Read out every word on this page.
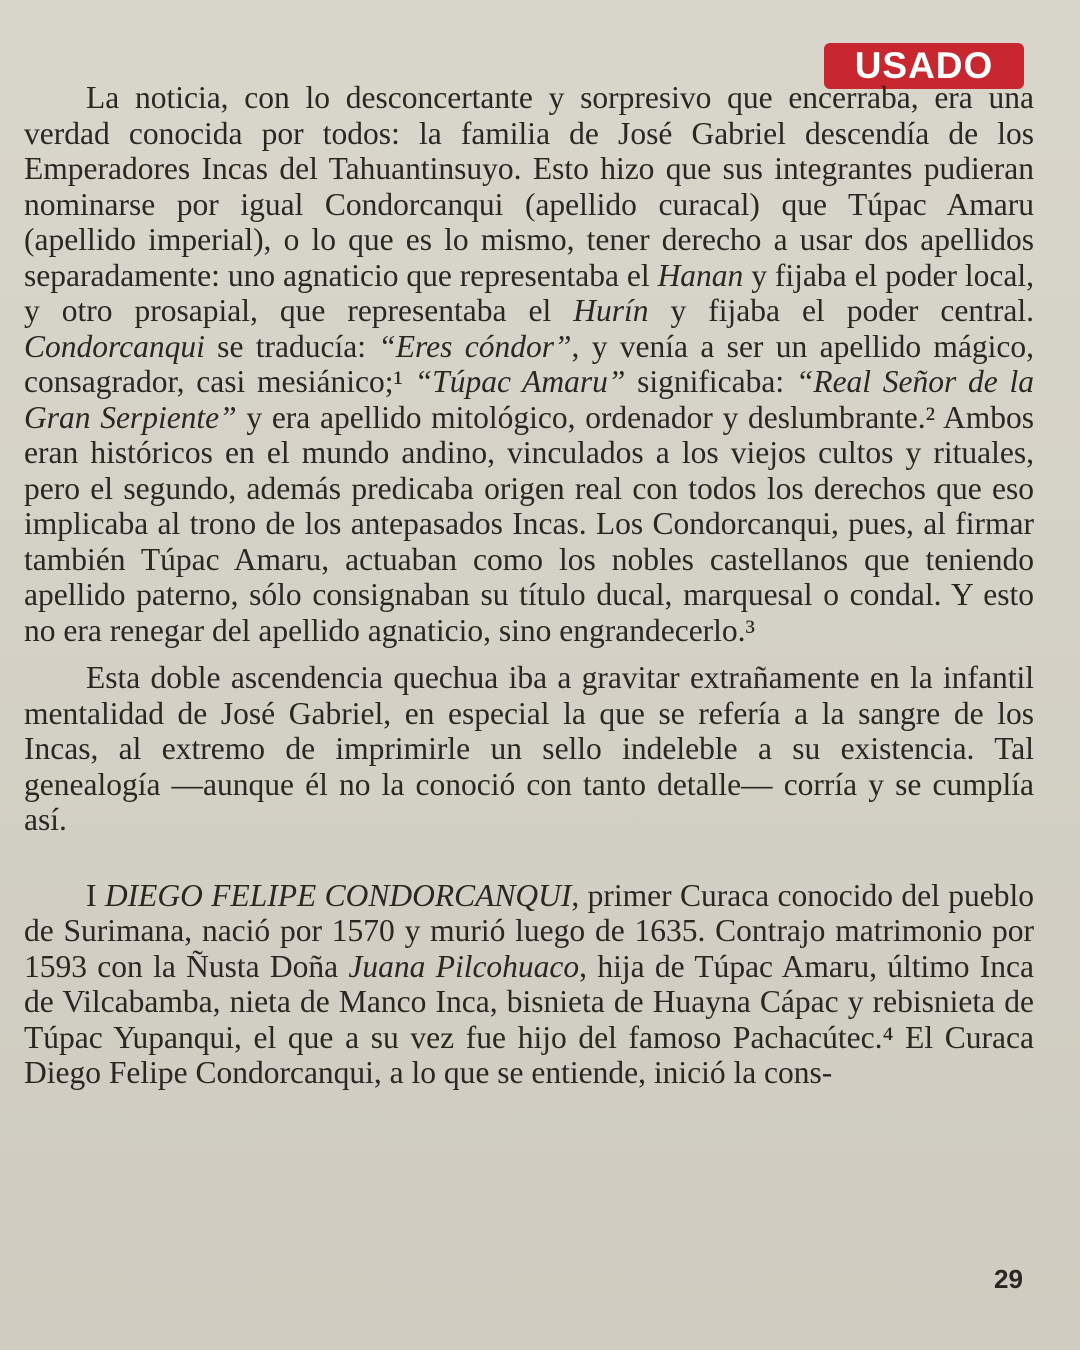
USADO

La noticia, con lo desconcertante y sorpresivo que encerraba, era una verdad conocida por todos: la familia de José Gabriel descendía de los Emperadores Incas del Tahuantinsuyo. Esto hizo que sus integrantes pudieran nominarse por igual Condorcanqui (apellido curacal) que Túpac Amaru (apellido imperial), o lo que es lo mismo, tener derecho a usar dos apellidos separadamente: uno agnaticio que representaba el Hanan y fijaba el poder local, y otro prosapial, que representaba el Hurín y fijaba el poder central. Condorcanqui se traducía: “Eres cóndor”, y venía a ser un apellido mágico, consagrador, casi mesiánico;¹ “Túpac Amaru” significaba: “Real Señor de la Gran Serpiente” y era apellido mitológico, ordenador y deslumbrante.² Ambos eran históricos en el mundo andino, vinculados a los viejos cultos y rituales, pero el segundo, además predicaba origen real con todos los derechos que eso implicaba al trono de los antepasados Incas. Los Condorcanqui, pues, al firmar también Túpac Amaru, actuaban como los nobles castellanos que teniendo apellido paterno, sólo consignaban su título ducal, marquesal o condal. Y esto no era renegar del apellido agnaticio, sino engrandecerlo.³

Esta doble ascendencia quechua iba a gravitar extrañamente en la infantil mentalidad de José Gabriel, en especial la que se refería a la sangre de los Incas, al extremo de imprimirle un sello indeleble a su existencia. Tal genealogía —aunque él no la conoció con tanto detalle— corría y se cumplía así.

I DIEGO FELIPE CONDORCANQUI, primer Curaca conocido del pueblo de Surimana, nació por 1570 y murió luego de 1635. Contrajo matrimonio por 1593 con la Ñusta Doña Juana Pilcohuaco, hija de Túpac Amaru, último Inca de Vilcabamba, nieta de Manco Inca, bisnieta de Huayna Cápac y rebisnieta de Túpac Yupanqui, el que a su vez fue hijo del famoso Pachacútec.⁴ El Curaca Diego Felipe Condorcanqui, a lo que se entiende, inició la cons-

29
